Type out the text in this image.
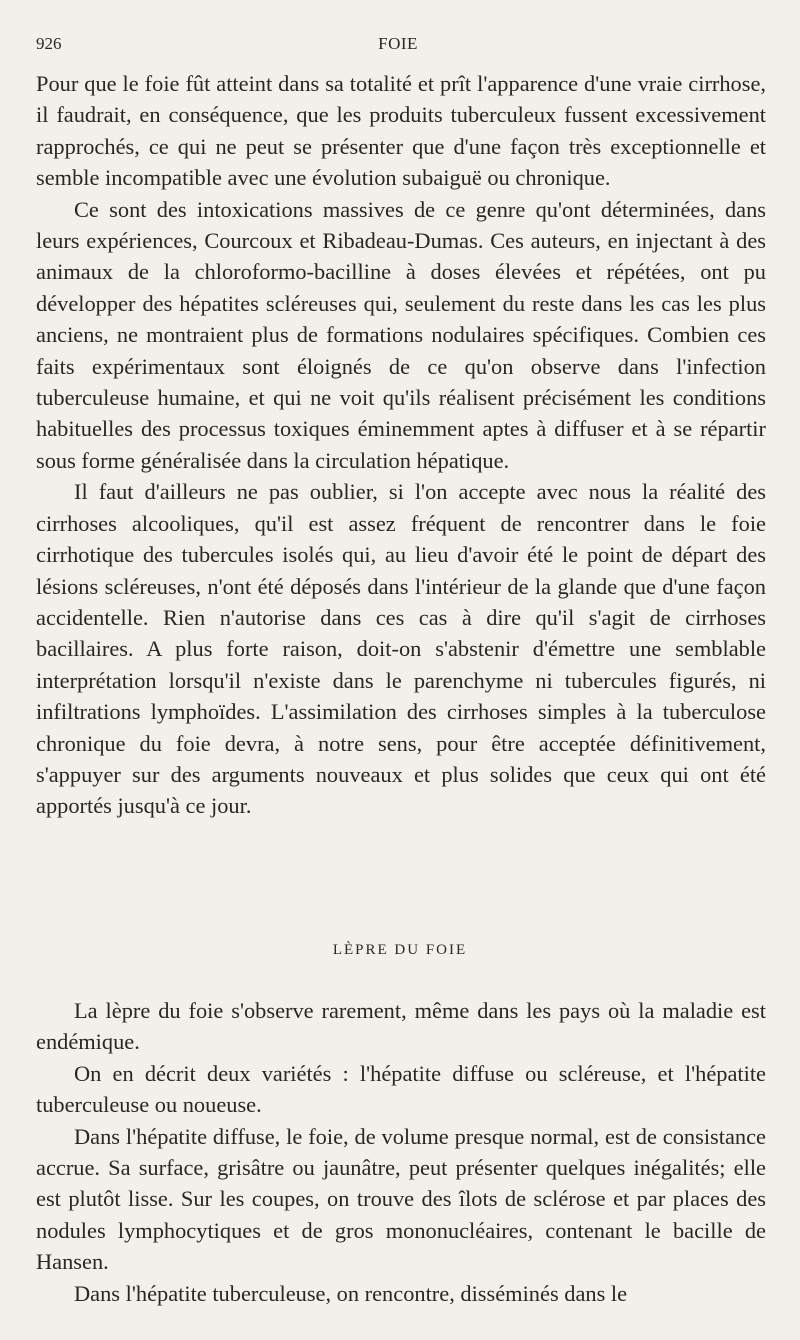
926	FOIE

Pour que le foie fût atteint dans sa totalité et prît l'apparence d'une vraie cirrhose, il faudrait, en conséquence, que les produits tuberculeux fussent excessivement rapprochés, ce qui ne peut se présenter que d'une façon très exceptionnelle et semble incompatible avec une évolution subaiguë ou chronique.

Ce sont des intoxications massives de ce genre qu'ont déterminées, dans leurs expériences, Courcoux et Ribadeau-Dumas. Ces auteurs, en injectant à des animaux de la chloroformo-bacilline à doses élevées et répétées, ont pu développer des hépatites scléreuses qui, seulement du reste dans les cas les plus anciens, ne montraient plus de formations nodulaires spécifiques. Combien ces faits expérimentaux sont éloignés de ce qu'on observe dans l'infection tuberculeuse humaine, et qui ne voit qu'ils réalisent précisément les conditions habituelles des processus toxiques éminemment aptes à diffuser et à se répartir sous forme généralisée dans la circulation hépatique.

Il faut d'ailleurs ne pas oublier, si l'on accepte avec nous la réalité des cirrhoses alcooliques, qu'il est assez fréquent de rencontrer dans le foie cirrhotique des tubercules isolés qui, au lieu d'avoir été le point de départ des lésions scléreuses, n'ont été déposés dans l'intérieur de la glande que d'une façon accidentelle. Rien n'autorise dans ces cas à dire qu'il s'agit de cirrhoses bacillaires. A plus forte raison, doit-on s'abstenir d'émettre une semblable interprétation lorsqu'il n'existe dans le parenchyme ni tubercules figurés, ni infiltrations lymphoïdes. L'assimilation des cirrhoses simples à la tuberculose chronique du foie devra, à notre sens, pour être acceptée définitivement, s'appuyer sur des arguments nouveaux et plus solides que ceux qui ont été apportés jusqu'à ce jour.

LÈPRE DU FOIE

La lèpre du foie s'observe rarement, même dans les pays où la maladie est endémique.

On en décrit deux variétés : l'hépatite diffuse ou scléreuse, et l'hépatite tuberculeuse ou noueuse.

Dans l'hépatite diffuse, le foie, de volume presque normal, est de consistance accrue. Sa surface, grisâtre ou jaunâtre, peut présenter quelques inégalités; elle est plutôt lisse. Sur les coupes, on trouve des îlots de sclérose et par places des nodules lymphocytiques et de gros mononucléaires, contenant le bacille de Hansen.

Dans l'hépatite tuberculeuse, on rencontre, disséminés dans le
